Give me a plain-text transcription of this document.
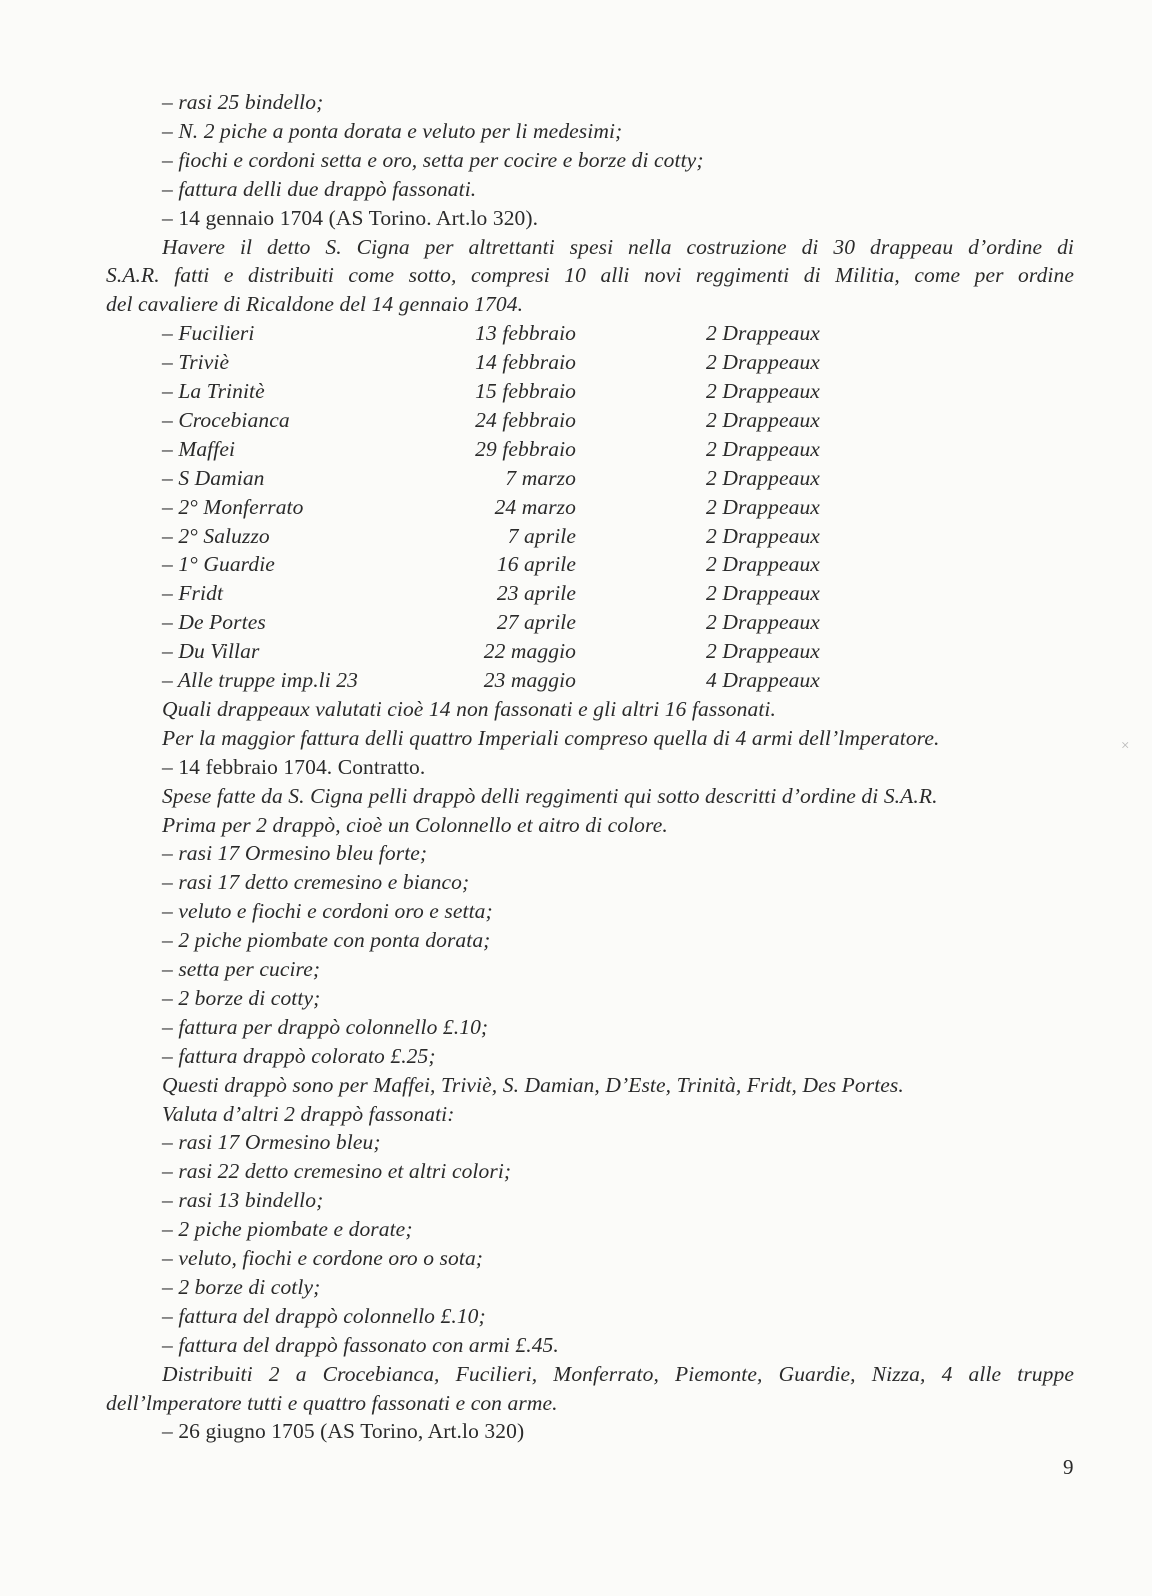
– rasi 25 bindello;
– N. 2 piche a ponta dorata e veluto per li medesimi;
– fiochi e cordoni setta e oro, setta per cocire e borze di cotty;
– fattura delli due drappò fassonati.
– 14 gennaio 1704 (AS Torino. Art.lo 320).
Havere il detto S. Cigna per altrettanti spesi nella costruzione di 30 drappeau d’ordine di
S.A.R. fatti e distribuiti come sotto, compresi 10 alli novi reggimenti di Militia, come per ordine
del cavaliere di Ricaldone del 14 gennaio 1704.
– Fucilieri	13 febbraio	2 Drappeaux
– Triviè	14 febbraio	2 Drappeaux
– La Trinitè	15 febbraio	2 Drappeaux
– Crocebianca	24 febbraio	2 Drappeaux
– Maffei	29 febbraio	2 Drappeaux
– S Damian	7 marzo	2 Drappeaux
– 2° Monferrato	24 marzo	2 Drappeaux
– 2° Saluzzo	7 aprile	2 Drappeaux
– 1° Guardie	16 aprile	2 Drappeaux
– Fridt	23 aprile	2 Drappeaux
– De Portes	27 aprile	2 Drappeaux
– Du Villar	22 maggio	2 Drappeaux
– Alle truppe imp.li 23	23 maggio	4 Drappeaux
Quali drappeaux valutati cioè 14 non fassonati e gli altri 16 fassonati.
Per la maggior fattura delli quattro Imperiali compreso quella di 4 armi dell’lmperatore.
– 14 febbraio 1704. Contratto.
Spese fatte da S. Cigna pelli drappò delli reggimenti qui sotto descritti d’ordine di S.A.R.
Prima per 2 drappò, cioè un Colonnello et aitro di colore.
– rasi 17 Ormesino bleu forte;
– rasi 17 detto cremesino e bianco;
– veluto e fiochi e cordoni oro e setta;
– 2 piche piombate con ponta dorata;
– setta per cucire;
– 2 borze di cotty;
– fattura per drappò colonnello £.10;
– fattura drappò colorato £.25;
Questi drappò sono per Maffei, Triviè, S. Damian, D’Este, Trinità, Fridt, Des Portes.
Valuta d’altri 2 drappò fassonati:
– rasi 17 Ormesino bleu;
– rasi 22 detto cremesino et altri colori;
– rasi 13 bindello;
– 2 piche piombate e dorate;
– veluto, fiochi e cordone oro o sota;
– 2 borze di cotly;
– fattura del drappò colonnello £.10;
– fattura del drappò fassonato con armi £.45.
Distribuiti 2 a Crocebianca, Fucilieri, Monferrato, Piemonte, Guardie, Nizza, 4 alle truppe
dell’lmperatore tutti e quattro fassonati e con arme.
– 26 giugno 1705 (AS Torino, Art.lo 320)
9
×
